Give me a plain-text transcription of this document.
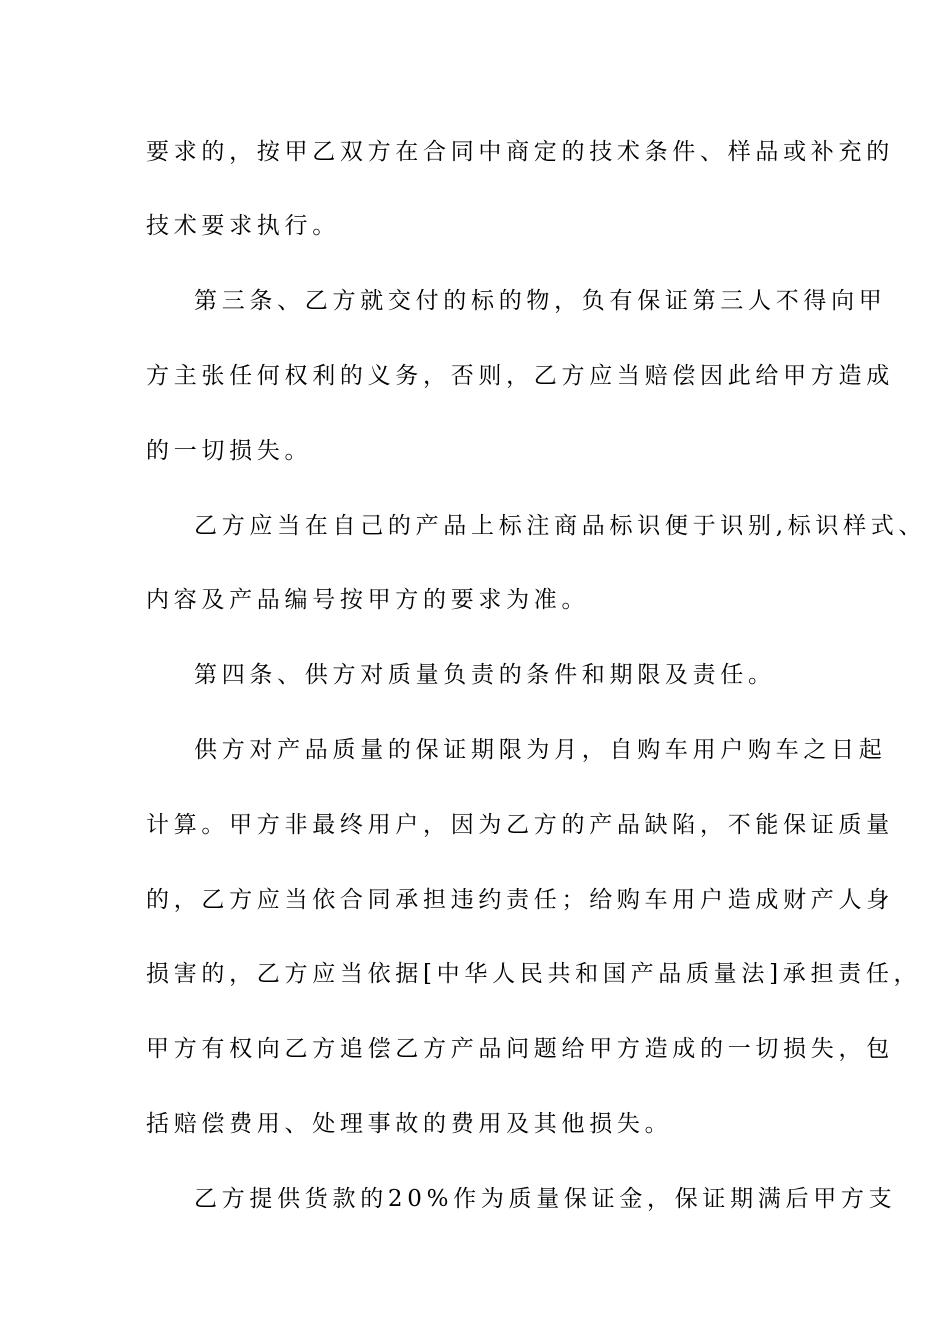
要求的，按甲乙双方在合同中商定的技术条件、样品或补充的
技术要求执行。
第三条、乙方就交付的标的物，负有保证第三人不得向甲
方主张任何权利的义务，否则，乙方应当赔偿因此给甲方造成
的一切损失。
乙方应当在自己的产品上标注商品标识便于识别,标识样式、
内容及产品编号按甲方的要求为准。
第四条、供方对质量负责的条件和期限及责任。
供方对产品质量的保证期限为月，自购车用户购车之日起
计算。甲方非最终用户，因为乙方的产品缺陷，不能保证质量
的，乙方应当依合同承担违约责任；给购车用户造成财产人身
损害的，乙方应当依据[中华人民共和国产品质量法]承担责任，
甲方有权向乙方追偿乙方产品问题给甲方造成的一切损失，包
括赔偿费用、处理事故的费用及其他损失。
乙方提供货款的20%作为质量保证金，保证期满后甲方支
